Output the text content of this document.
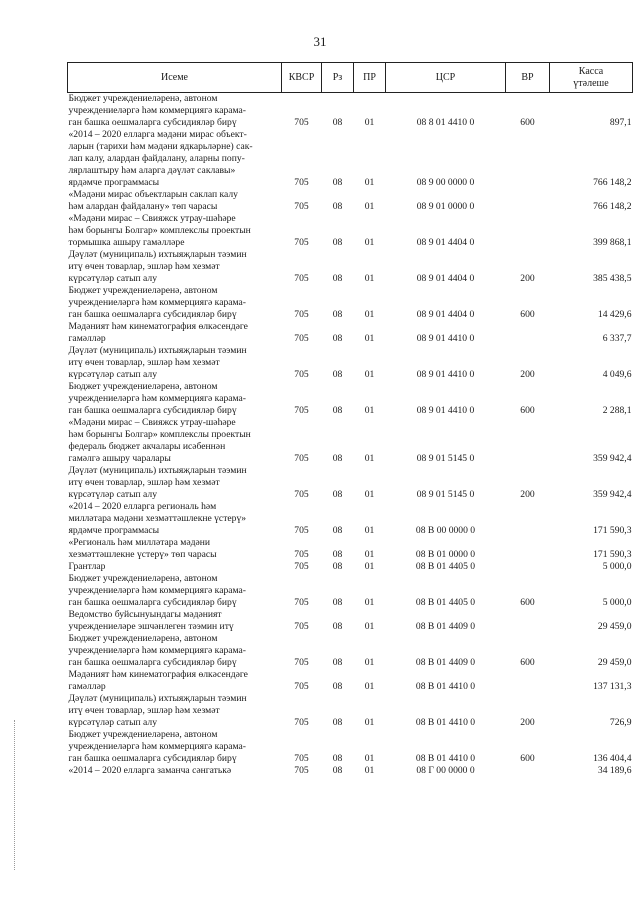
31
Исеме	КВСР	Рз	ПР	ЦСР	ВР	Касса
үтәлеше

Бюджет учреждениеләренә, автоном
учреждениеләргә һәм коммерциягә карама-
ган башка оешмаларга субсидияләр бирү	705	08	01	08 8 01 4410 0	600	897,1

«2014 – 2020 елларга мәдәни мирас объект-
ларын (тарихи һәм мәдәни ядкарьләрне) сак-
лап калу, алардан файдалану, аларны попу-
лярлаштыру һәм аларга дәүләт саклавы»
ярдәмче программасы	705	08	01	08 9 00 0000 0		766 148,2

«Мәдәни мирас объектларын саклап калу
һәм алардан файдалану» төп чарасы	705	08	01	08 9 01 0000 0		766 148,2

«Мәдәни мирас – Свияжск утрау-шәһәре
һәм борынгы Болгар» комплекслы проектын
тормышка ашыру гамәлләре	705	08	01	08 9 01 4404 0		399 868,1

Дәүләт (муниципаль) ихтыяҗларын тәэмин
итү өчен товарлар, эшләр һәм хезмәт
күрсәтүләр сатып алу	705	08	01	08 9 01 4404 0	200	385 438,5

Бюджет учреждениеләренә, автоном
учреждениеләргә һәм коммерциягә карама-
ган башка оешмаларга субсидияләр бирү	705	08	01	08 9 01 4404 0	600	14 429,6

Мәдәният һәм кинематография өлкәсендәге
гамәлләр	705	08	01	08 9 01 4410 0		6 337,7

Дәүләт (муниципаль) ихтыяҗларын тәэмин
итү өчен товарлар, эшләр һәм хезмәт
күрсәтүләр сатып алу	705	08	01	08 9 01 4410 0	200	4 049,6

Бюджет учреждениеләренә, автоном
учреждениеләргә һәм коммерциягә карама-
ган башка оешмаларга субсидияләр бирү	705	08	01	08 9 01 4410 0	600	2 288,1

«Мәдәни мирас – Свияжск утрау-шәһәре
һәм борынгы Болгар» комплекслы проектын
федераль бюджет акчалары исәбеннән
гамәлгә ашыру чаралары	705	08	01	08 9 01 5145 0		359 942,4

Дәүләт (муниципаль) ихтыяҗларын тәэмин
итү өчен товарлар, эшләр һәм хезмәт
күрсәтүләр сатып алу	705	08	01	08 9 01 5145 0	200	359 942,4

«2014 – 2020 елларга региональ һәм
милләтара мәдәни хезмәттәшлекне үстерү»
ярдәмче программасы	705	08	01	08 В 00 0000 0		171 590,3

«Региональ һәм милләтара мәдәни
хезмәттәшлекне үстерү» төп чарасы	705	08	01	08 В 01 0000 0		171 590,3

Грантлар	705	08	01	08 В 01 4405 0		5 000,0

Бюджет учреждениеләренә, автоном
учреждениеләргә һәм коммерциягә карама-
ган башка оешмаларга субсидияләр бирү	705	08	01	08 В 01 4405 0	600	5 000,0

Ведомство буйсынуындагы мәдәният
учреждениеләре эшчәнлеген тәэмин итү	705	08	01	08 В 01 4409 0		29 459,0

Бюджет учреждениеләренә, автоном
учреждениеләргә һәм коммерциягә карама-
ган башка оешмаларга субсидияләр бирү	705	08	01	08 В 01 4409 0	600	29 459,0

Мәдәният һәм кинематография өлкәсендәге
гамәлләр	705	08	01	08 В 01 4410 0		137 131,3

Дәүләт (муниципаль) ихтыяҗларын тәэмин
итү өчен товарлар, эшләр һәм хезмәт
күрсәтүләр сатып алу	705	08	01	08 В 01 4410 0	200	726,9

Бюджет учреждениеләренә, автоном
учреждениеләргә һәм коммерциягә карама-
ган башка оешмаларга субсидияләр бирү	705	08	01	08 В 01 4410 0	600	136 404,4

«2014 – 2020 елларга заманча сәнгатькә	705	08	01	08 Г 00 0000 0		34 189,6
